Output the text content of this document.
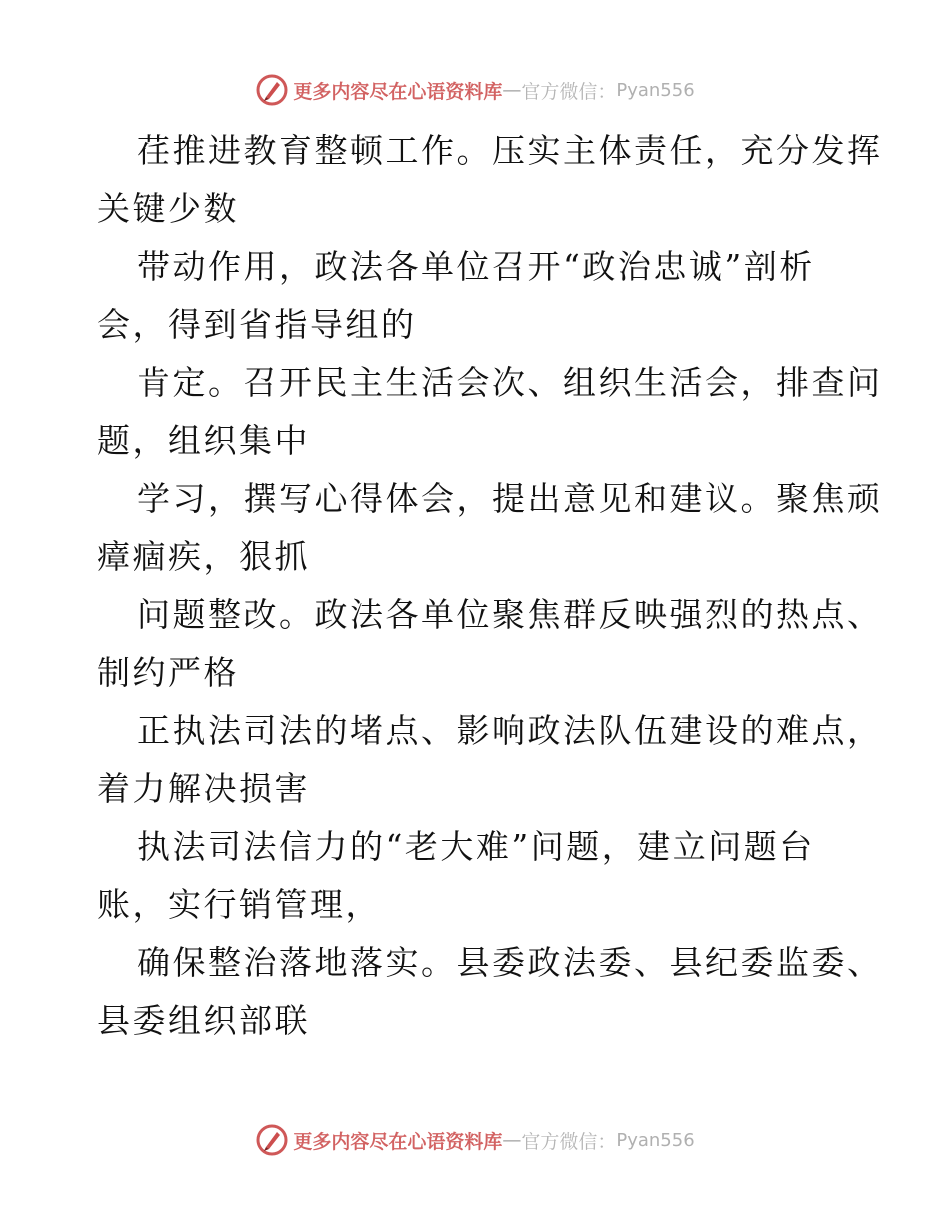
更多内容尽在心语资料库 — 官方微信： Pyan556

荏推进教育整顿工作。压实主体责任，充分发挥
关键少数

带动作用，政法各单位召开“政治忠诚”剖析
会，得到省指导组的

肯定。召开民主生活会次、组织生活会，排查问
题，组织集中

学习，撰写心得体会，提出意见和建议。聚焦顽
瘴痼疾，狠抓

问题整改。政法各单位聚焦群反映强烈的热点、
制约严格

正执法司法的堵点、影响政法队伍建设的难点，
着力解决损害

执法司法信力的“老大难”问题，建立问题台
账，实行销管理，

确保整治落地落实。县委政法委、县纪委监委、
县委组织部联

更多内容尽在心语资料库 — 官方微信： Pyan556
